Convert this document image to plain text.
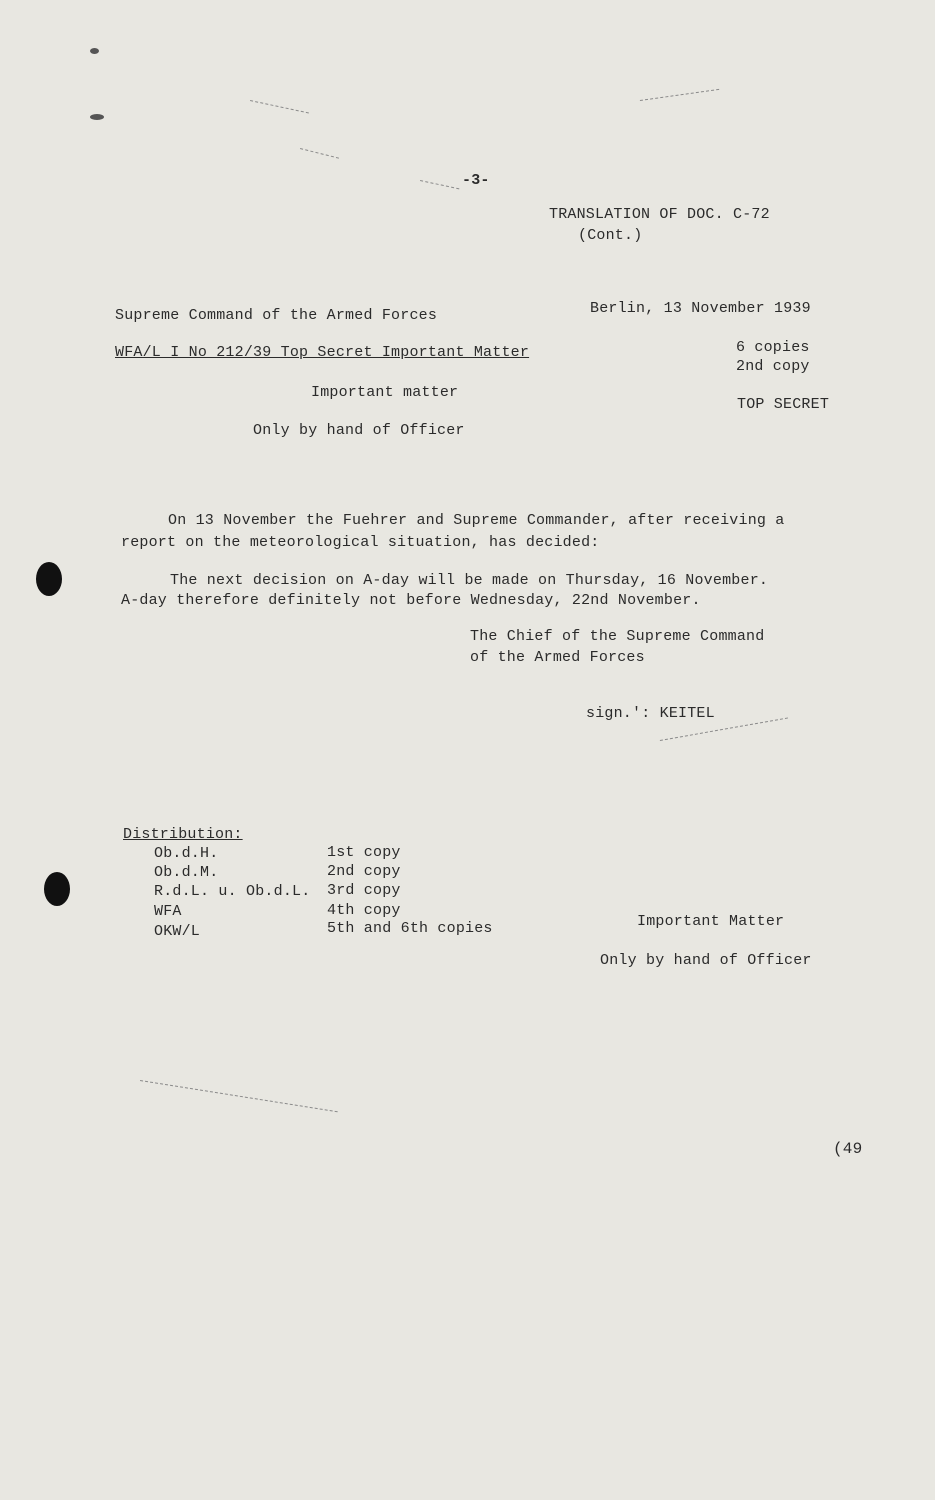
-3-
TRANSLATION OF DOC. C-72
(Cont.)
Supreme Command of the Armed Forces	Berlin, 13 November 1939
WFA/L I No 212/39 Top Secret Important Matter	6 copies
2nd copy
Important matter
TOP SECRET
Only by hand of Officer
On 13 November the Fuehrer and Supreme Commander, after receiving a
report on the meteorological situation, has decided:
The next decision on A-day will be made on Thursday, 16 November.
A-day therefore definitely not before Wednesday, 22nd November.
The Chief of the Supreme Command
of the Armed Forces
sign.': KEITEL
Distribution:
Ob.d.H.	1st copy
Ob.d.M.	2nd copy
R.d.L. u. Ob.d.L. 3rd copy
WFA	4th copy
OKW/L	5th and 6th copies	Important Matter
Only by hand of Officer
(49
